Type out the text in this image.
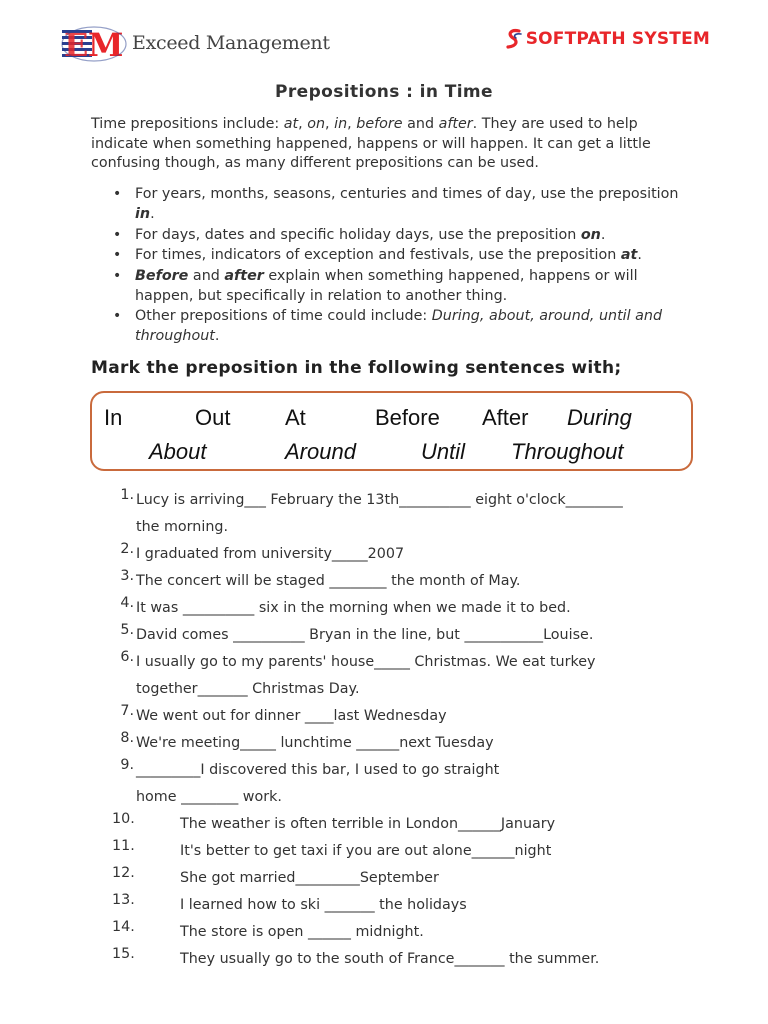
E M Exceed Management	SOFTPATH SYSTEM
Prepositions : in Time
Time prepositions include: at, on, in, before and after. They are used to help indicate when something happened, happens or will happen. It can get a little confusing though, as many different prepositions can be used.
• For years, months, seasons, centuries and times of day, use the preposition in.
• For days, dates and specific holiday days, use the preposition on.
• For times, indicators of exception and festivals, use the preposition at.
• Before and after explain when something happened, happens or will happen, but specifically in relation to another thing.
• Other prepositions of time could include: During, about, around, until and throughout.
Mark the preposition in the following sentences with;
In	Out At	Before After During
About	Around	Until Throughout
1. Lucy is arriving___ February the 13th__________ eight o'clock________
the morning.
2. I graduated from university_____2007
3. The concert will be staged ________ the month of May.
4. It was __________ six in the morning when we made it to bed.
5. David comes __________ Bryan in the line, but ___________Louise.
6. I usually go to my parents' house_____ Christmas. We eat turkey
together_______ Christmas Day.
7. We went out for dinner ____last Wednesday
8. We're meeting_____ lunchtime ______next Tuesday
9. _________I discovered this bar, I used to go straight
home ________ work.
10.	The weather is often terrible in London______January
11.	It's better to get taxi if you are out alone______night
12.	She got married_________September
13.	I learned how to ski _______ the holidays
14.	The store is open ______ midnight.
15.	They usually go to the south of France_______ the summer.
